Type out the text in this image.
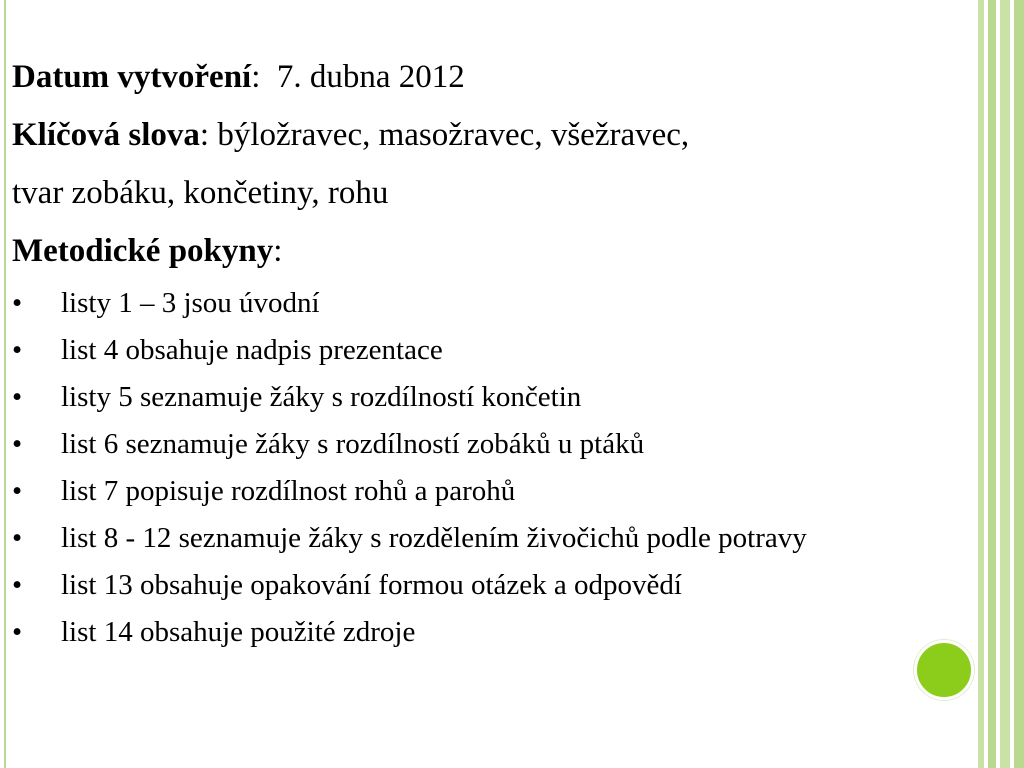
Datum vytvoření:  7. dubna 2012
Klíčová slova: býložravec, masožravec, všežravec,
tvar zobáku, končetiny, rohu
Metodické pokyny:
• listy 1 – 3 jsou úvodní
• list 4 obsahuje nadpis prezentace
• listy 5 seznamuje žáky s rozdílností končetin
• list 6 seznamuje žáky s rozdílností zobáků u ptáků
• list 7 popisuje rozdílnost rohů a parohů
• list 8 - 12 seznamuje žáky s rozdělením živočichů podle potravy
• list 13 obsahuje opakování formou otázek a odpovědí
• list 14 obsahuje použité zdroje
